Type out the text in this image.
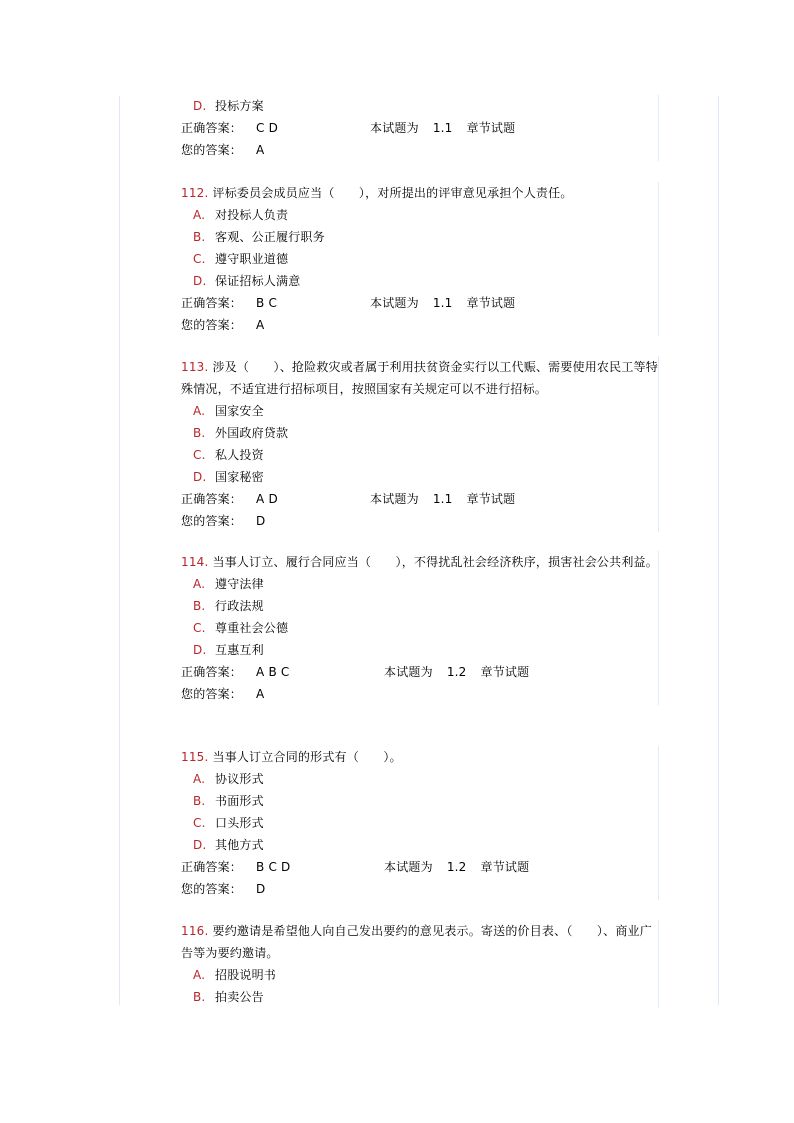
D. 投标方案
正确答案： C D	本试题为 1.1 章节试题
您的答案： A

112. 评标委员会成员应当（　　），对所提出的评审意见承担个人责任。

A. 对投标人负责
B. 客观、公正履行职务
C. 遵守职业道德
D. 保证招标人满意
正确答案： B C	本试题为 1.1 章节试题
您的答案： A

113. 涉及（　　）、抢险救灾或者属于利用扶贫资金实行以工代赈、需要使用农民工等特殊情况，不适宜进行招标项目，按照国家有关规定可以不进行招标。

A. 国家安全
B. 外国政府贷款
C. 私人投资
D. 国家秘密
正确答案： A D	本试题为 1.1 章节试题
您的答案： D

114. 当事人订立、履行合同应当（　　），不得扰乱社会经济秩序，损害社会公共利益。

A. 遵守法律
B. 行政法规
C. 尊重社会公德
D. 互惠互利
正确答案： A B C	本试题为 1.2 章节试题
您的答案： A

115. 当事人订立合同的形式有（　　）。

A. 协议形式
B. 书面形式
C. 口头形式
D. 其他方式
正确答案： B C D	本试题为 1.2 章节试题
您的答案： D

116. 要约邀请是希望他人向自己发出要约的意见表示。寄送的价目表、（　　）、商业广告等为要约邀请。

A. 招股说明书
B. 拍卖公告
